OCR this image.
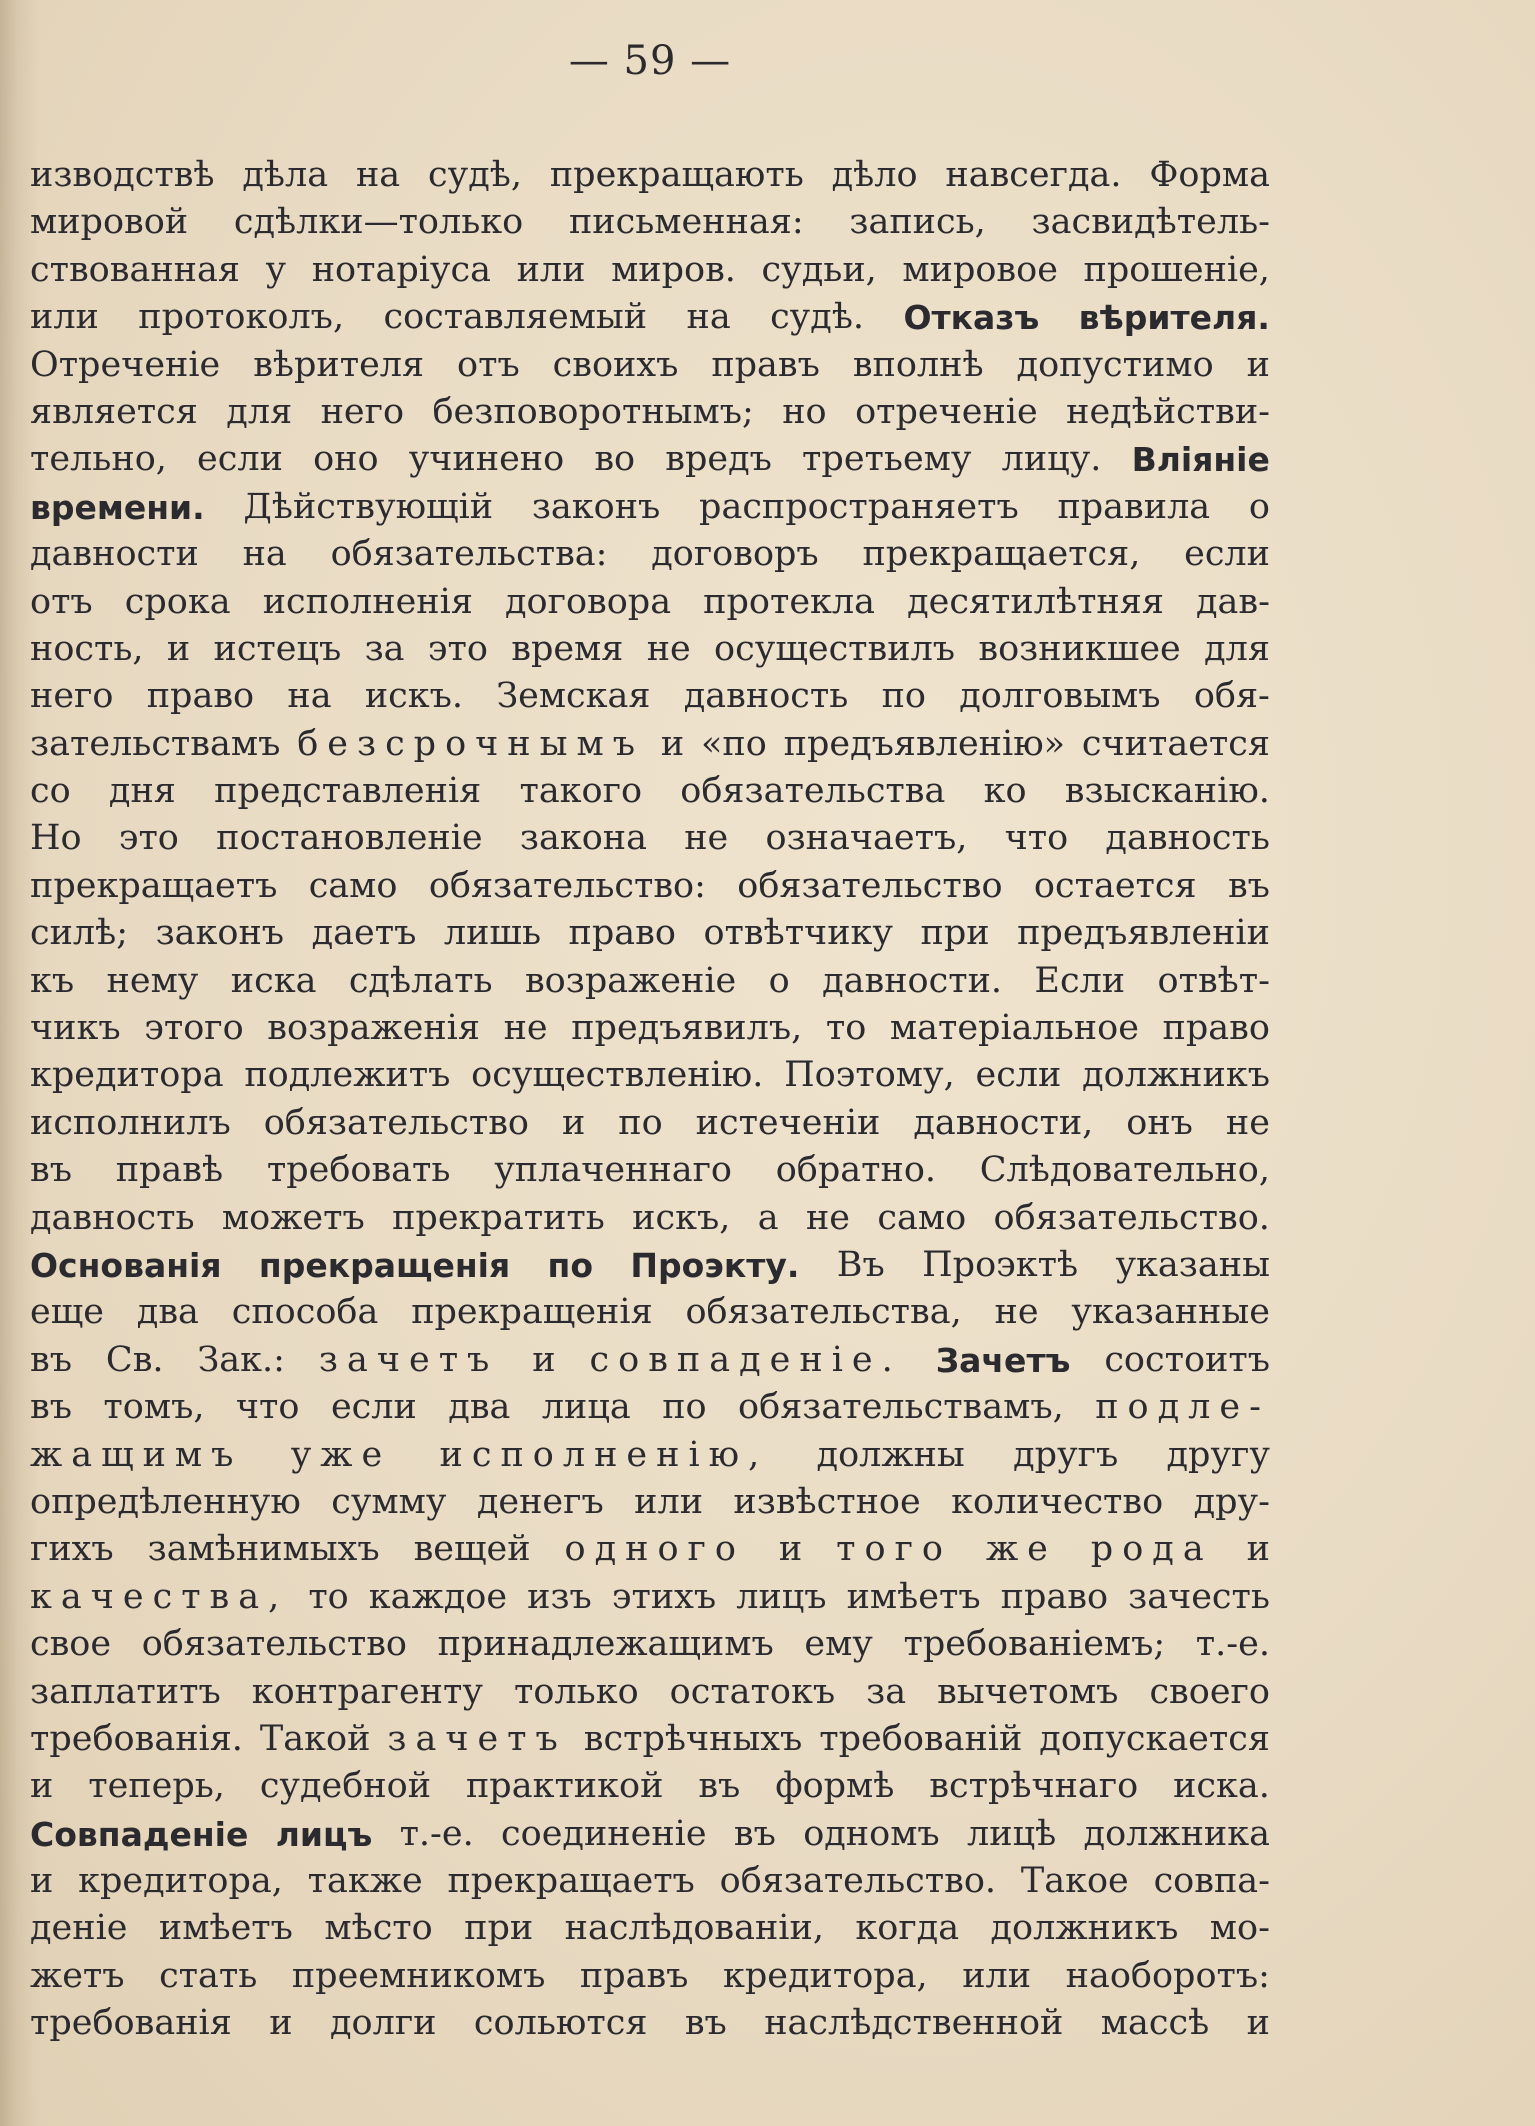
— 59 —
изводствѣ дѣла на судѣ, прекращають дѣло навсегда. Форма
мировой сдѣлки—только письменная: запись, засвидѣтель-
ствованная у нотаріуса или миров. судьи, мировое прошеніе,
или протоколъ, составляемый на судѣ. Отказъ вѣрителя.
Отреченіе вѣрителя отъ своихъ правъ вполнѣ допустимо и
является для него безповоротнымъ; но отреченіе недѣйстви-
тельно, если оно учинено во вредъ третьему лицу. Вліяніе
времени. Дѣйствующій законъ распространяетъ правила о
давности на обязательства: договоръ прекращается, если
отъ срока исполненія договора протекла десятилѣтняя дав-
ность, и истецъ за это время не осуществилъ возникшее для
него право на искъ. Земская давность по долговымъ обя-
зательствамъ безсрочнымъ и «по предъявленію» считается
со дня представленія такого обязательства ко взысканію.
Но это постановленіе закона не означаетъ, что давность
прекращаетъ само обязательство: обязательство остается въ
силѣ; законъ даетъ лишь право отвѣтчику при предъявленіи
къ нему иска сдѣлать возраженіе о давности. Если отвѣт-
чикъ этого возраженія не предъявилъ, то матеріальное право
кредитора подлежитъ осуществленію. Поэтому, если должникъ
исполнилъ обязательство и по истеченіи давности, онъ не
въ правѣ требовать уплаченнаго обратно. Слѣдовательно,
давность можетъ прекратить искъ, а не само обязательство.
Основанія прекращенія по Проэкту. Въ Проэктѣ указаны
еще два способа прекращенія обязательства, не указанные
въ Св. Зак.: зачетъ и совпаденіе. Зачетъ состоитъ
въ томъ, что если два лица по обязательствамъ, подле-
жащимъ уже исполненію, должны другъ другу
опредѣленную сумму денегъ или извѣстное количество дру-
гихъ замѣнимыхъ вещей одного и того же рода и
качества, то каждое изъ этихъ лицъ имѣетъ право зачесть
свое обязательство принадлежащимъ ему требованіемъ; т.-е.
заплатитъ контрагенту только остатокъ за вычетомъ своего
требованія. Такой зачетъ встрѣчныхъ требованій допускается
и теперь, судебной практикой въ формѣ встрѣчнаго иска.
Совпаденіе лицъ т.-е. соединеніе въ одномъ лицѣ должника
и кредитора, также прекращаетъ обязательство. Такое совпа-
деніе имѣетъ мѣсто при наслѣдованіи, когда должникъ мо-
жетъ стать преемникомъ правъ кредитора, или наоборотъ:
требованія и долги сольются въ наслѣдственной массѣ и
